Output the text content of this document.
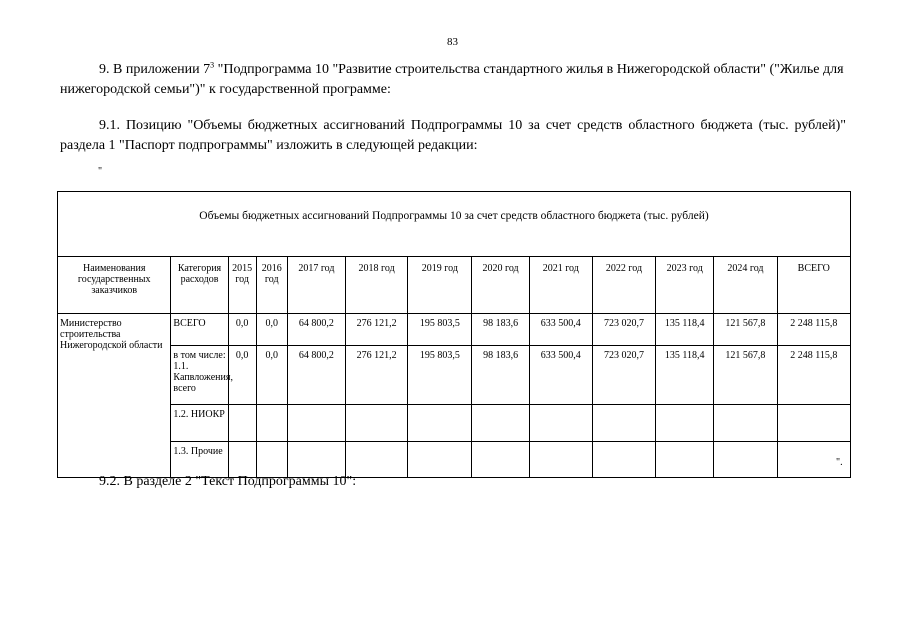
83
9. В приложении $7^3$ "Подпрограмма 10 "Развитие строительства стандартного жилья в Нижегородской области" ("Жилье для нижегородской семьи")" к государственной программе:
9.1. Позицию "Объемы бюджетных ассигнований Подпрограммы 10 за счет средств областного бюджета (тыс. рублей)" раздела 1 "Паспорт подпрограммы" изложить в следующей редакции:
"
Объемы бюджетных ассигнований Подпрограммы 10 за счет средств областного бюджета (тыс. рублей)												
Наименования государственных заказчиков	Категория расходов	2015 год	2016 год	2017 год	2018 год	2019 год	2020 год	2021 год	2022 год	2023 год	2024 год	ВСЕГО
Министерство строительства Нижегородской области	ВСЕГО	0,0	0,0	64 800,2	276 121,2	195 803,5	98 183,6	633 500,4	723 020,7	135 118,4	121 567,8	2 248 115,8
	в том числе: 1.1. Капвложения, всего	0,0	0,0	64 800,2	276 121,2	195 803,5	98 183,6	633 500,4	723 020,7	135 118,4	121 567,8	2 248 115,8
	1.2. НИОКР											
	1.3. Прочие											
".
9.2. В разделе 2 "Текст Подпрограммы 10":
